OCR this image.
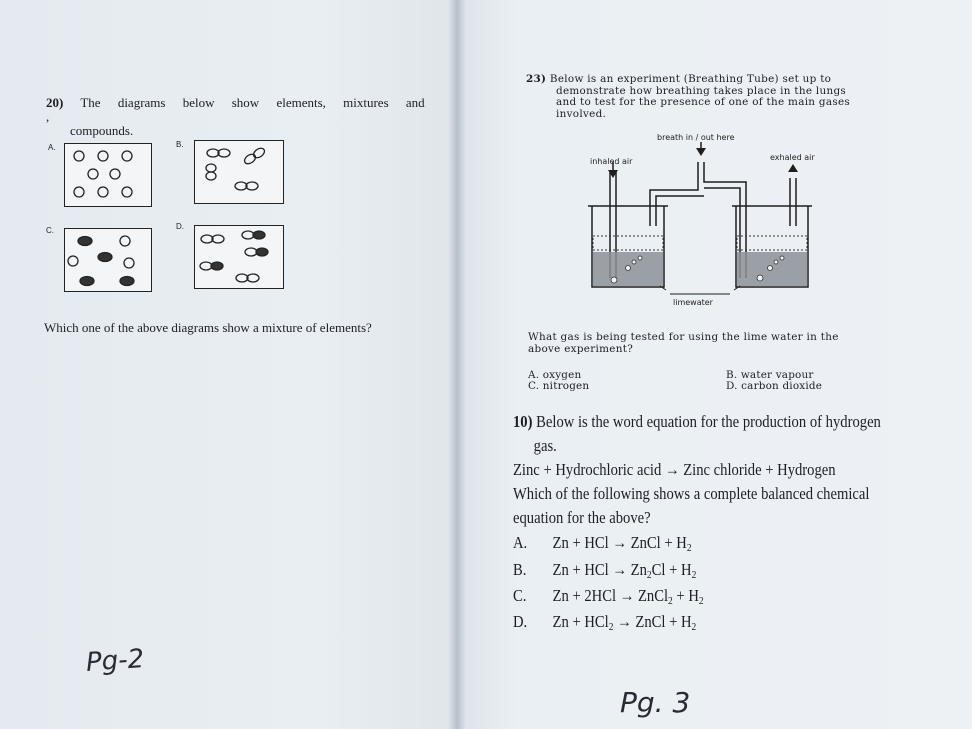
20) The diagrams below show elements, mixtures and ,
compounds.
A.	B.
C.	D.
Which one of the above diagrams show a mixture of elements?
Pg-2
23) Below is an experiment (Breathing Tube) set up to
demonstrate how breathing takes place in the lungs
and to test for the presence of one of the main gases
involved.
breath in / out here
inhaled air	exhaled air
limewater
What gas is being tested for using the lime water in the
above experiment?
A. oxygen	B. water vapour
C. nitrogen	D. carbon dioxide
10) Below is the word equation for the production of hydrogen
gas.
Zinc + Hydrochloric acid → Zinc chloride + Hydrogen
Which of the following shows a complete balanced chemical
equation for the above?
A. Zn + HCl → ZnCl + $H_2$
B. Zn + HCl → $Zn_2Cl + H_2$
C. Zn + 2HCl → ZnCl$_2$ + $H_2$
D. Zn + HCl$_2$ → ZnCl + $H_2$
Pg. 3
